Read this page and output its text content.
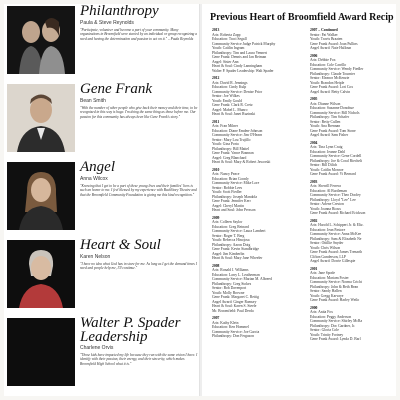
Philanthropy
Paula & Steve Reynolds
"Participate, volunteer and become a part of your community. Many organizations in Broomfield were started by an individual or group recognizing a need and having the determination and passion to act on it." – Paula Reynolds
Gene Frank
Bean Smith
"With the number of other people who give back their money and their time, to be recognized in this way is huge. I'm doing the same thing as those before me. Our passion for this community has always been like Gene Frank's story."
Angel
Anna Wilcox
"Knowing that I get to be a part of these young lives and their families' lives is such an honor to me. I feel blessed by my experience with BackStory Theatre and that the Broomfield Community Foundation is giving me this kind recognition."
Heart & Soul
Karen Nelson
"I have no idea what God has in store for me. As long as I get the demand times I need and people help me, I'll continue."
Walter P. Spader Leadership
Charlene Orvis
"Those kids have impacted my life because they run with the same vision I have. I identify with their passion, their energy, and their sincerity, which makes Broomfield High School what it is."
Previous Heart of Broomfield Award Recip
2013
Arts: Roberta Zapp
Education: Traci Segall
Community Service Judge Patrick Murphy
Youth: Caitlin Ingram
Philanthropy: Tim and Laura Vennert
Gene Frank: Dennis and Jan Reiman
Angel: Sister Ann
Heart & Soul: Cindy Lanningham
Walter P. Spader Leadership: Walt Spader
2012
Arts: David R. Jennings
Education: Cindy Kulp
Community Service: Denise Prior
Senior: Joe Wilkes
Youth: Emily Gould
Gene Frank: Clark R. Cretz
Angel: Mabel L. Munro
Heart & Soul: Janet Ruzinski
2011
Arts: Fran Milner
Education: Diane Emden-Johnson
Community Service: Jim O'Hearn
Senior: Mary Lou Trujillo
Youth: Gina Porta
Philanthropy: Bill Mattel
Gene Frank: Vance Brannan
Angel: Greg Blanchard
Heart & Soul: Mary & Robert Jaworski
2010
Arts: Nancy Peace
Education: Brian Coonly
Community Service: Mike Lore
Senior: Bobbie Lees
Youth: Scott Fiedler
Philanthropy: Joseph Mandola
Gene Frank: Jennifer Kerr
Angel: Cheryl Martin
Heart and Soul: John Persson
2009
Arts: Colleen Saylor
Education: Greg Reinard
Community Service: Laura Lambert
Senior: Roger T. Berg
Youth: Rebecca Hinojosa
Philanthropy: Aaron Doig
Gene Frank: Kevin Standbridge
Angel: Jim Kimberlin
Heart & Soul: Mary Jane Wheeler
2008
Arts: Ronald J. Williams
Education: Larry L. Leatherman
Community Service: Marian M. Albreed
Philanthropy: Greg Stokes
Senior: Bob Davenport
Youth: Molly Browne
Gene Frank: Margaret C. Rettig
Angel Award: Ginger Ramsey
Heart & Soul: Karen S. Steele
Mr. Broomfield: Paul Derda
2007
Arts: Kathy Klein
Education: Ken Hommel
Community Service: Joe Garcia
Philanthropy: Don Ferguson
2007 – Continued
Senior: Pat Walker
Youth: Travis Braaten
Gene Frank Award: Joan Pullins
Angel Award: Nate Halloun
2006
Arts: Debbie Fox
Education: Cole Carrillo
Community Service: Wendy Fiedler
Philanthropy: Claude Tournier
Senior: Eleanor McKenzie
Youth: Brandon Heiple
Gene Frank Award: Lori Cox
Angel Award: Betty Calvin
2005
Arts: Dianne Wilson
Education: Suzanne Donohue
Community Service: Bill Nichols
Philanthropy: Tim Schafer
Senior: Betty Cullen
Youth: Ana Brennan
Gene Frank Award: Tom Stone
Angel Award: Sam Fisher
2004
Arts: Tina Lynn Craig
Education: Jeanne Dahl
Community Service: Gene Cordell
Philanthropy: Joe & Coral Riechelt
Senior: Bill Dilich
Youth: Caitlin Monroe
Gene Frank Award: Vi Bernard
2003
Arts: Sherrill Ferrera
Education: Al Burtleman
Community Service: Theo Dooley
Philanthropy: Lloyd "Lee" Lee
Senior: Arlene Creston
Youth: Joanna Rioux
Gene Frank Award: Richard Erickson
2002
Arts: Harold L. Schippert Jr. & Eliz.
Education: Jean Pastore
Community Service: Anna McKee
Philanthropy: Sam & Elizabeth Ne
Senior: Ottillie Snyder
Youth: Chris Wilson
Gene Frank Award: James Trenarth
Clifton Gunderson, LLP
Angel Award: Dorrie Gillespie
2001
Arts: Jane Spode
Education: Mariam Foster
Community Service: Norma Cricht
Philanthropy: John & Beth Bean
Senior: Sandy Hallen
Youth: Gregg Karvaye
Gene Frank Award: Harley Weilo
2000
Arts: Anita Fox
Education: Peggy Anderson
Community Service: Shirley McRa
Philanthropy: Doc Gardner, Jr.
Senior: Gloria Cole
Youth: Trinity Fortney
Gene Frank Award: Lynda D. Barl
